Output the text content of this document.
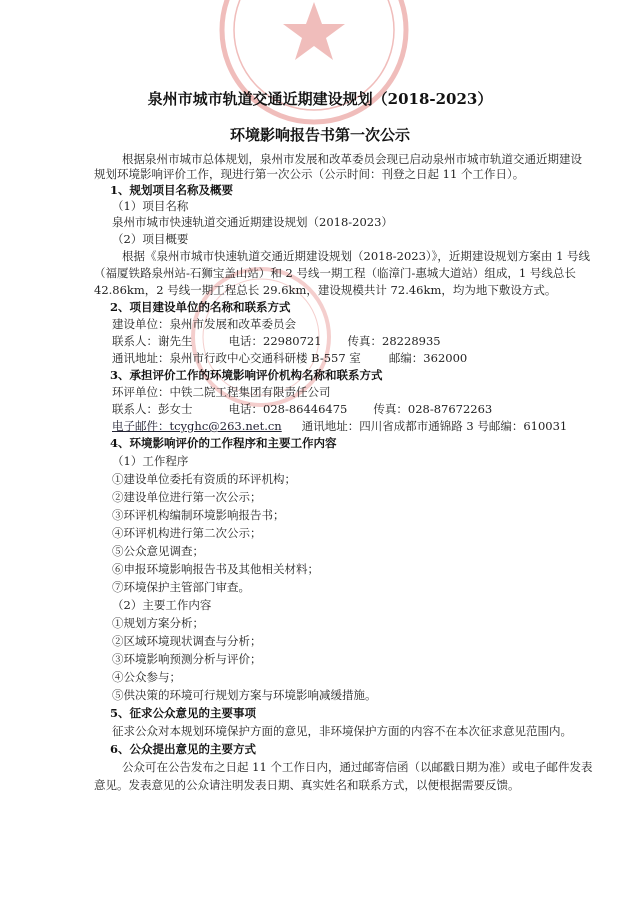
泉州市城市轨道交通近期建设规划（2018-2023）
环境影响报告书第一次公示
根据泉州市城市总体规划，泉州市发展和改革委员会现已启动泉州市城市轨道交通近期建设
规划环境影响评价工作，现进行第一次公示（公示时间：刊登之日起 11 个工作日）。
1、规划项目名称及概要
（1）项目名称
泉州市城市快速轨道交通近期建设规划（2018-2023）
（2）项目概要
根据《泉州市城市快速轨道交通近期建设规划（2018-2023）》，近期建设规划方案由 1 号线
（福厦铁路泉州站-石狮宝盖山站）和 2 号线一期工程（临漳门-惠城大道站）组成，1 号线总长
42.86km，2 号线一期工程总长 29.6km，建设规模共计 72.46km，均为地下敷设方式。
2、项目建设单位的名称和联系方式
建设单位：泉州市发展和改革委员会
联系人：谢先生	电话：22980721 传真：28228935
通讯地址：泉州市行政中心交通科研楼 B-557 室 邮编：362000
3、承担评价工作的环境影响评价机构名称和联系方式
环评单位：中铁二院工程集团有限责任公司
联系人：彭女士	电话：028-86446475 传真：028-87672263
电子邮件：tcyghc@263.net.cn 通讯地址：四川省成都市通锦路 3 号邮编：610031
4、环境影响评价的工作程序和主要工作内容
（1）工作程序
①建设单位委托有资质的环评机构；
②建设单位进行第一次公示；
③环评机构编制环境影响报告书；
④环评机构进行第二次公示；
⑤公众意见调查；
⑥申报环境影响报告书及其他相关材料；
⑦环境保护主管部门审查。
（2）主要工作内容
①规划方案分析；
②区域环境现状调查与分析；
③环境影响预测分析与评价；
④公众参与；
⑤供决策的环境可行规划方案与环境影响减缓措施。
5、征求公众意见的主要事项
征求公众对本规划环境保护方面的意见，非环境保护方面的内容不在本次征求意见范围内。
6、公众提出意见的主要方式
公众可在公告发布之日起 11 个工作日内，通过邮寄信函（以邮戳日期为准）或电子邮件发表
意见。发表意见的公众请注明发表日期、真实姓名和联系方式，以便根据需要反馈。
